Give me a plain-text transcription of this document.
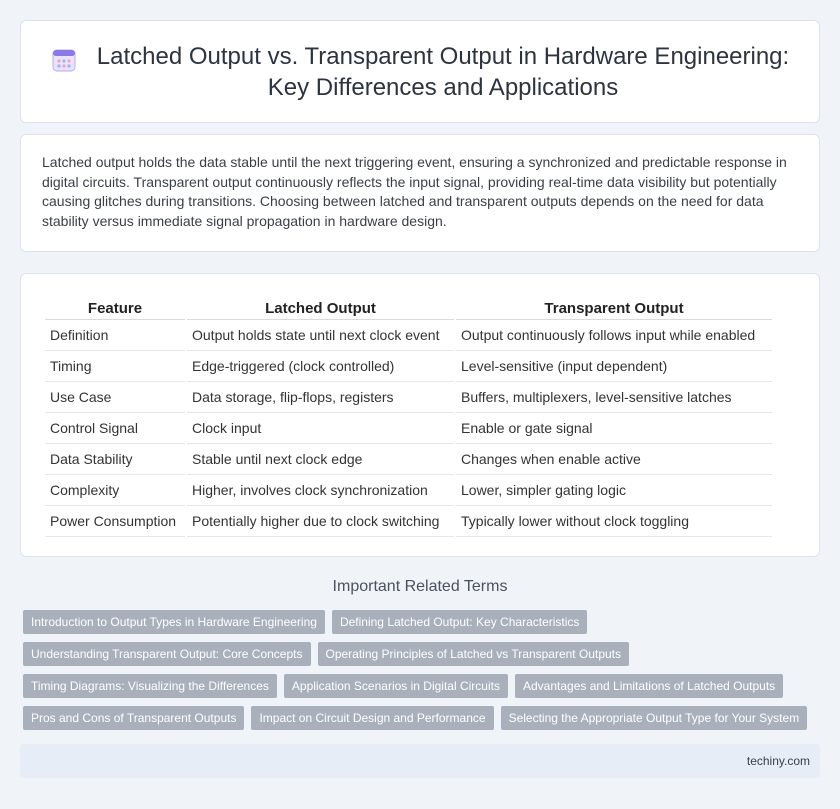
Latched Output vs. Transparent Output in Hardware Engineering:
Key Differences and Applications

Latched output holds the data stable until the next triggering event, ensuring a synchronized and predictable response in digital circuits. Transparent output continuously reflects the input signal, providing real-time data visibility but potentially causing glitches during transitions. Choosing between latched and transparent outputs depends on the need for data stability versus immediate signal propagation in hardware design.

Feature	Latched Output	Transparent Output
Definition	Output holds state until next clock event	Output continuously follows input while enabled
Timing	Edge-triggered (clock controlled)	Level-sensitive (input dependent)
Use Case	Data storage, flip-flops, registers	Buffers, multiplexers, level-sensitive latches
Control Signal	Clock input	Enable or gate signal
Data Stability	Stable until next clock edge	Changes when enable active
Complexity	Higher, involves clock synchronization	Lower, simpler gating logic
Power Consumption	Potentially higher due to clock switching	Typically lower without clock toggling
Important Related Terms
Introduction to Output Types in Hardware Engineering	Defining Latched Output: Key Characteristics
Understanding Transparent Output: Core Concepts	Operating Principles of Latched vs Transparent Outputs
Timing Diagrams: Visualizing the Differences	Application Scenarios in Digital Circuits	Advantages and Limitations of Latched Outputs
Pros and Cons of Transparent Outputs	Impact on Circuit Design and Performance	Selecting the Appropriate Output Type for Your System
techiny.com
